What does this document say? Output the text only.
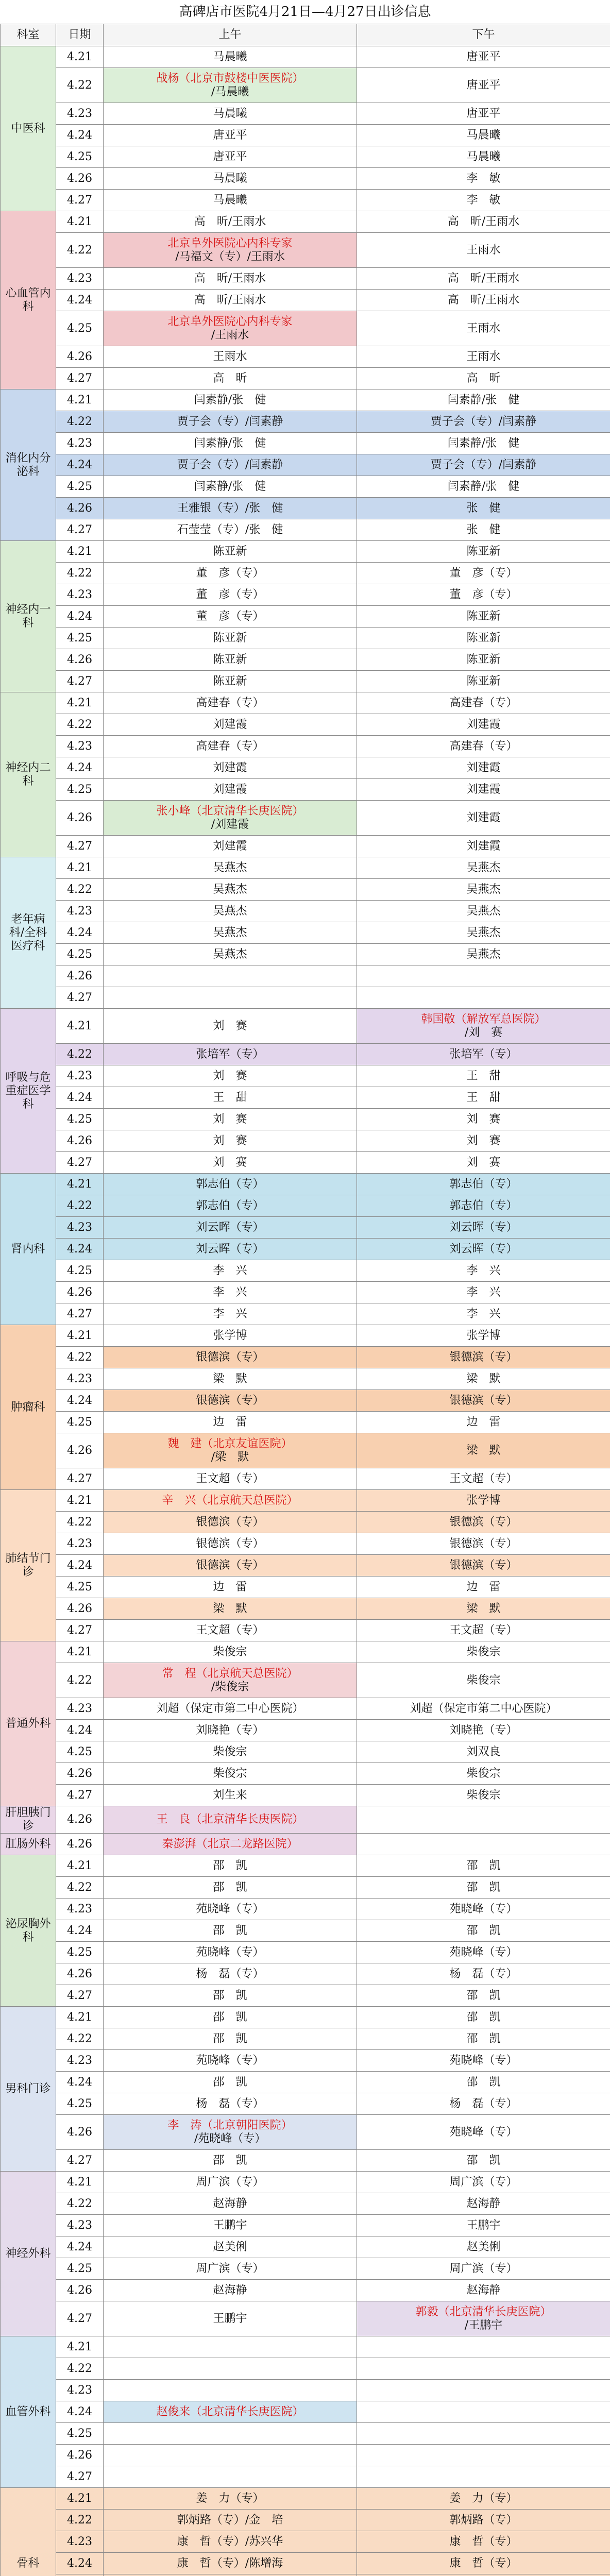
高碑店市医院4月21日—4月27日出诊信息
科室	日期	上午	下午
中医科	4.21	马晨曦	唐亚平
	4.22	战杨（北京市鼓楼中医医院）
/马晨曦	唐亚平
	4.23	马晨曦	唐亚平
	4.24	唐亚平	马晨曦
	4.25	唐亚平	马晨曦
	4.26	马晨曦	李　敏
	4.27	马晨曦	李　敏
心血管内科	4.21	高　昕/王雨水	高　昕/王雨水
	4.22	北京阜外医院心内科专家
/马福文（专）/王雨水	王雨水
	4.23	高　昕/王雨水	高　昕/王雨水
	4.24	高　昕/王雨水	高　昕/王雨水
	4.25	北京阜外医院心内科专家
/王雨水	王雨水
	4.26	王雨水	王雨水
	4.27	高　昕	高　昕
消化内分泌科	4.21	闫素静/张　健	闫素静/张　健
	4.22	贾子会（专）/闫素静	贾子会（专）/闫素静
	4.23	闫素静/张　健	闫素静/张　健
	4.24	贾子会（专）/闫素静	贾子会（专）/闫素静
	4.25	闫素静/张　健	闫素静/张　健
	4.26	王雅银（专）/张　健	张　健
	4.27	石莹莹（专）/张　健	张　健
神经内一科	4.21	陈亚新	陈亚新
	4.22	董　彦（专）	董　彦（专）
	4.23	董　彦（专）	董　彦（专）
	4.24	董　彦（专）	陈亚新
	4.25	陈亚新	陈亚新
	4.26	陈亚新	陈亚新
	4.27	陈亚新	陈亚新
神经内二科	4.21	高建春（专）	高建春（专）
	4.22	刘建霞	刘建霞
	4.23	高建春（专）	高建春（专）
	4.24	刘建霞	刘建霞
	4.25	刘建霞	刘建霞
	4.26	张小峰（北京清华长庚医院）
/刘建霞	刘建霞
	4.27	刘建霞	刘建霞
老年病科/全科医疗科	4.21	吴燕杰	吴燕杰
	4.22	吴燕杰	吴燕杰
	4.23	吴燕杰	吴燕杰
	4.24	吴燕杰	吴燕杰
	4.25	吴燕杰	吴燕杰
	4.26		
	4.27		
呼吸与危重症医学科	4.21	刘　赛	韩国敬（解放军总医院）
/刘　赛
	4.22	张培军（专）	张培军（专）
	4.23	刘　赛	王　甜
	4.24	王　甜	王　甜
	4.25	刘　赛	刘　赛
	4.26	刘　赛	刘　赛
	4.27	刘　赛	刘　赛
肾内科	4.21	郭志伯（专）	郭志伯（专）
	4.22	郭志伯（专）	郭志伯（专）
	4.23	刘云晖（专）	刘云晖（专）
	4.24	刘云晖（专）	刘云晖（专）
	4.25	李　兴	李　兴
	4.26	李　兴	李　兴
	4.27	李　兴	李　兴
肿瘤科	4.21	张学博	张学博
	4.22	银德滨（专）	银德滨（专）
	4.23	梁　默	梁　默
	4.24	银德滨（专）	银德滨（专）
	4.25	边　雷	边　雷
	4.26	魏　建（北京友谊医院）
/梁　默	梁　默
	4.27	王文超（专）	王文超（专）
肺结节门诊	4.21	辛　兴（北京航天总医院）	张学博
	4.22	银德滨（专）	银德滨（专）
	4.23	银德滨（专）	银德滨（专）
	4.24	银德滨（专）	银德滨（专）
	4.25	边　雷	边　雷
	4.26	梁　默	梁　默
	4.27	王文超（专）	王文超（专）
普通外科	4.21	柴俊宗	柴俊宗
	4.22	常　程（北京航天总医院）
/柴俊宗	柴俊宗
	4.23	刘超（保定市第二中心医院）	刘超（保定市第二中心医院）
	4.24	刘晓艳（专）	刘晓艳（专）
	4.25	柴俊宗	刘双良
	4.26	柴俊宗	柴俊宗
	4.27	刘生来	柴俊宗
肝胆胰门诊	4.26	王　良（北京清华长庚医院）	
肛肠外科	4.26	秦澎湃（北京二龙路医院）	
泌尿胸外科	4.21	邵　凯	邵　凯
	4.22	邵　凯	邵　凯
	4.23	苑晓峰（专）	苑晓峰（专）
	4.24	邵　凯	邵　凯
	4.25	苑晓峰（专）	苑晓峰（专）
	4.26	杨　磊（专）	杨　磊（专）
	4.27	邵　凯	邵　凯
男科门诊	4.21	邵　凯	邵　凯
	4.22	邵　凯	邵　凯
	4.23	苑晓峰（专）	苑晓峰（专）
	4.24	邵　凯	邵　凯
	4.25	杨　磊（专）	杨　磊（专）
	4.26	李　涛（北京朝阳医院）
/苑晓峰（专）	苑晓峰（专）
	4.27	邵　凯	邵　凯
神经外科	4.21	周广滨（专）	周广滨（专）
	4.22	赵海静	赵海静
	4.23	王鹏宇	王鹏宇
	4.24	赵美俐	赵美俐
	4.25	周广滨（专）	周广滨（专）
	4.26	赵海静	赵海静
	4.27	王鹏宇	郭毅（北京清华长庚医院）
/王鹏宇
血管外科	4.21		
	4.22		
	4.23		
	4.24	赵俊来（北京清华长庚医院）	
	4.25		
	4.26		
	4.27		
骨科	4.21	姜　力（专）	姜　力（专）
	4.22	郭炳路（专）/金　培	郭炳路（专）
	4.23	康　哲（专）/苏兴华	康　哲（专）
	4.24	康　哲（专）/陈增海	康　哲（专）
